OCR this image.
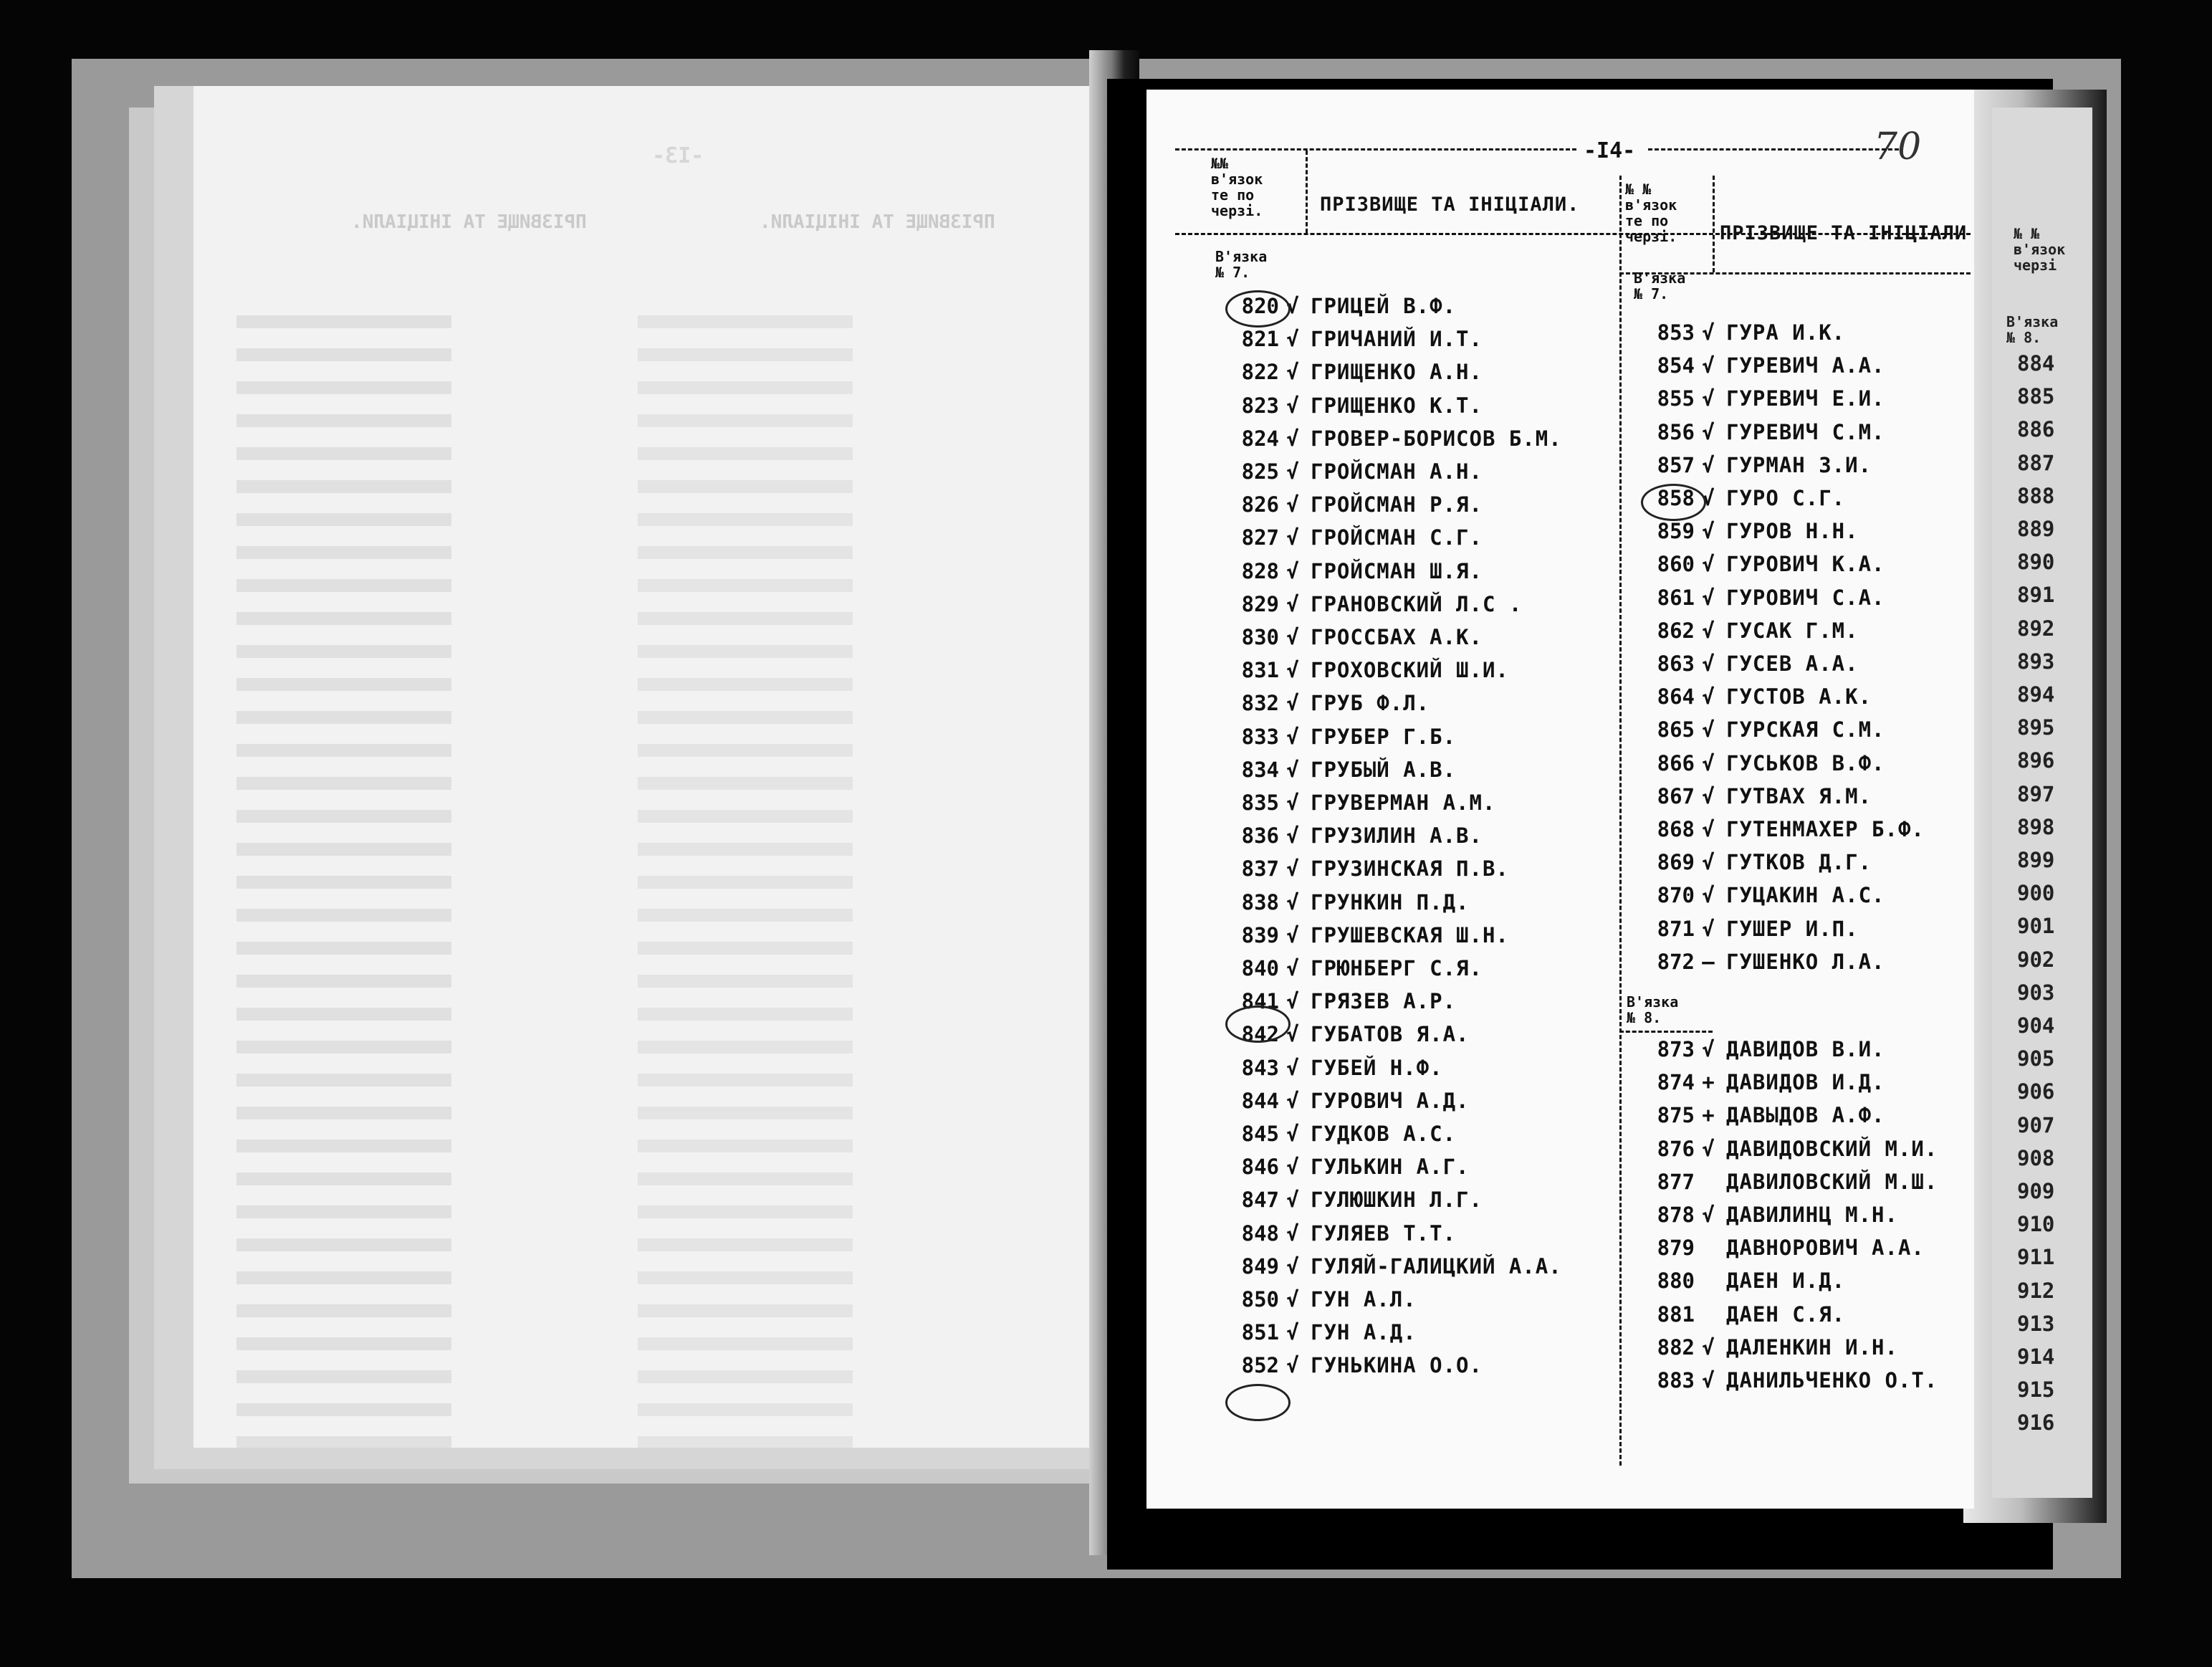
-I3-
ПРІЗВИЩЕ ТА ІНІЦІАЛИ.	ПРІЗВИЩЕ ТА ІНІЦІАЛИ.
№ №
в'язок
черзі
В'язка
№ 8.
884
885
886
887
888
889
890
891
892
893
894
895
896
897
898
899
900
901
902
903
904
905
906
907
908
909
910
911
912
913
914
915
916
-I4-	70
№№
в'язок
те по
черзі.	ПРІЗВИЩЕ ТА ІНІЦІАЛИ.
№ №
в'язок
те по
черзі. ПРІЗВИЩЕ ТА ІНІЦІАЛИ
В'язка
№ 7.	В'язка
№ 7.
В'язка
№ 8.
820 √ ГРИЦЕЙ В.Ф.
821 √ ГРИЧАНИЙ И.Т.
822 √ ГРИЩЕНКО А.Н.
823 √ ГРИЩЕНКО К.Т.
824 √ ГРОВЕР-БОРИСОВ Б.М.
825 √ ГРОЙСМАН А.Н.
826 √ ГРОЙСМАН Р.Я.
827 √ ГРОЙСМАН С.Г.
828 √ ГРОЙСМАН Ш.Я.
829 √ ГРАНОВСКИЙ Л.С .
830 √ ГРОССБАХ А.К.
831 √ ГРОХОВСКИЙ Ш.И.
832 √ ГРУБ Ф.Л.
833 √ ГРУБЕР Г.Б.
834 √ ГРУБЫЙ А.В.
835 √ ГРУВЕРМАН А.М.
836 √ ГРУЗИЛИН А.В.
837 √ ГРУЗИНСКАЯ П.В.
838 √ ГРУНКИН П.Д.
839 √ ГРУШЕВСКАЯ Ш.Н.
840 √ ГРЮНБЕРГ С.Я.
841 √ ГРЯЗЕВ А.Р.
842 √ ГУБАТОВ Я.А.
843 √ ГУБЕЙ Н.Ф.
844 √ ГУРОВИЧ А.Д.
845 √ ГУДКОВ А.С.
846 √ ГУЛЬКИН А.Г.
847 √ ГУЛЮШКИН Л.Г.
848 √ ГУЛЯЕВ Т.Т.
849 √ ГУЛЯЙ-ГАЛИЦКИЙ А.А.
850 √ ГУН А.Л.
851 √ ГУН А.Д.
852 √ ГУНЬКИНА О.О.
853 √ ГУРА И.К.
854 √ ГУРЕВИЧ А.А.
855 √ ГУРЕВИЧ Е.И.
856 √ ГУРЕВИЧ С.М.
857 √ ГУРМАН З.И.
858 √ ГУРО С.Г.
859 √ ГУРОВ Н.Н.
860 √ ГУРОВИЧ К.А.
861 √ ГУРОВИЧ С.А.
862 √ ГУСАК Г.М.
863 √ ГУСЕВ А.А.
864 √ ГУСТОВ А.К.
865 √ ГУРСКАЯ С.М.
866 √ ГУСЬКОВ В.Ф.
867 √ ГУТВАХ Я.М.
868 √ ГУТЕНМАХЕР Б.Ф.
869 √ ГУТКОВ Д.Г.
870 √ ГУЦАКИН А.С.
871 √ ГУШЕР И.П.
872 — ГУШЕНКО Л.А.
873 √ ДАВИДОВ В.И.
874 + ДАВИДОВ И.Д.
875 + ДАВЫДОВ А.Ф.
876 √ ДАВИДОВСКИЙ М.И.
877 ДАВИЛОВСКИЙ М.Ш.
878 √ ДАВИЛИНЦ М.Н.
879 ДАВНОРОВИЧ А.А.
880 ДАЕН И.Д.
881 ДАЕН С.Я.
882 √ ДАЛЕНКИН И.Н.
883 √ ДАНИЛЬЧЕНКО О.Т.
